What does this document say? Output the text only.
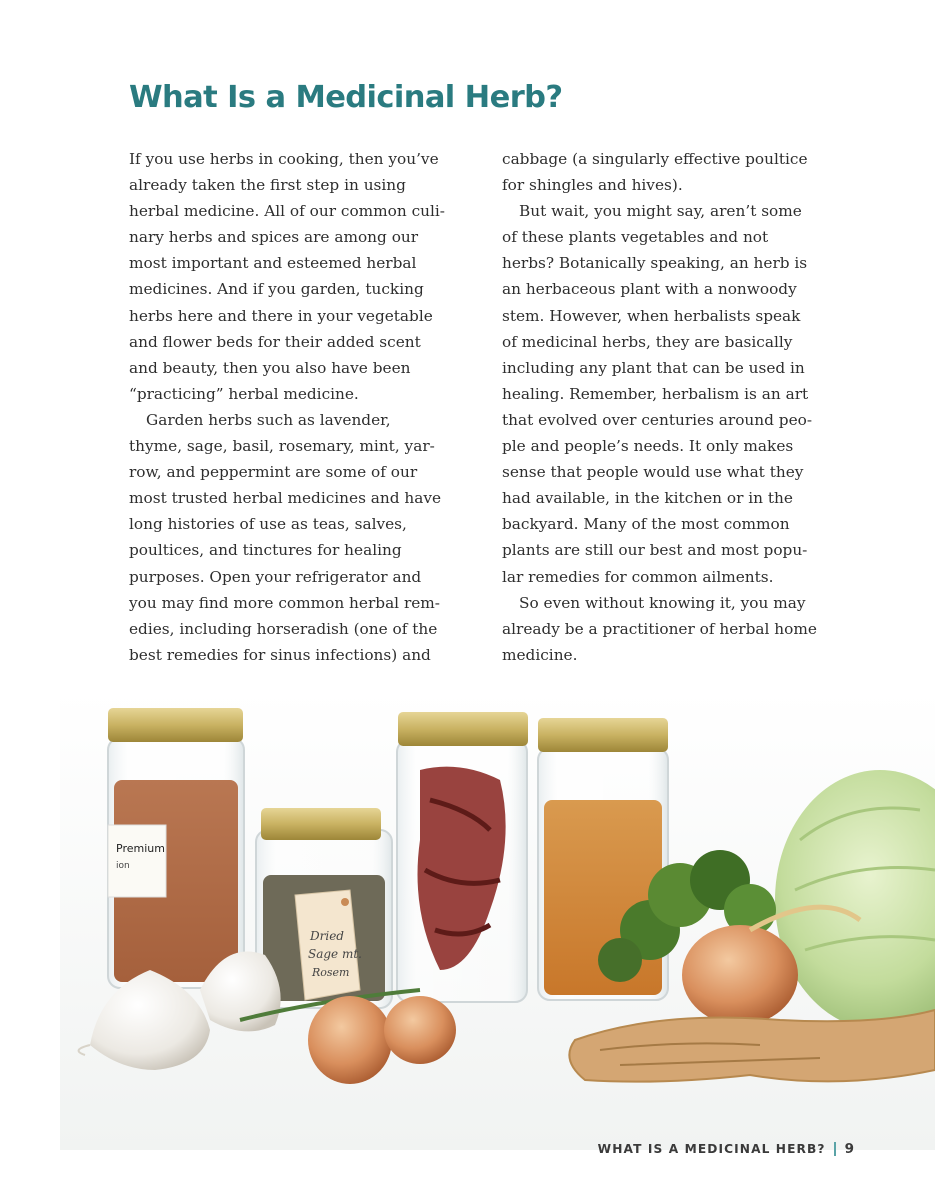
What Is a Medicinal Herb?
If you use herbs in cooking, then you’ve
already taken the first step in using
herbal medicine. All of our common culi-
nary herbs and spices are among our
most important and esteemed herbal
medicines. And if you garden, tucking
herbs here and there in your vegetable
and flower beds for their added scent
and beauty, then you also have been
“practicing” herbal medicine.
Garden herbs such as lavender,
thyme, sage, basil, rosemary, mint, yar-
row, and peppermint are some of our
most trusted herbal medicines and have
long histories of use as teas, salves,
poultices, and tinctures for healing
purposes. Open your refrigerator and
you may find more common herbal rem-
edies, including horseradish (one of the
best remedies for sinus infections) and
cabbage (a singularly effective poultice
for shingles and hives).
But wait, you might say, aren’t some
of these plants vegetables and not
herbs? Botanically speaking, an herb is
an herbaceous plant with a nonwoody
stem. However, when herbalists speak
of medicinal herbs, they are basically
including any plant that can be used in
healing. Remember, herbalism is an art
that evolved over centuries around peo-
ple and people’s needs. It only makes
sense that people would use what they
had available, in the kitchen or in the
backyard. Many of the most common
plants are still our best and most popu-
lar remedies for common ailments.
So even without knowing it, you may
already be a practitioner of herbal home
medicine.
Premium
ion
Dried
Sage mt.
Rosem
WHAT IS A MEDICINAL HERB? 9
